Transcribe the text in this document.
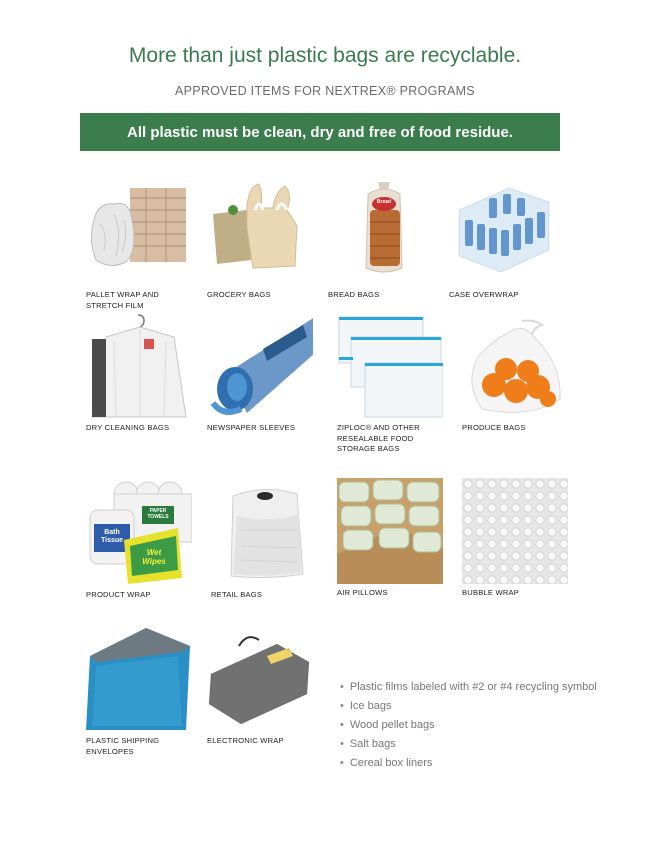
More than just plastic bags are recyclable.
APPROVED ITEMS FOR NEXTREX® PROGRAMS
All plastic must be clean, dry and free of food residue.
PALLET WRAP AND STRETCH FILM
GROCERY BAGS
Bread
BREAD BAGS	CASE OVERWRAP
DRY CLEANING BAGS	NEWSPAPER SLEEVES	ZIPLOC® AND OTHER RESEALABLE FOOD STORAGE BAGS
PRODUCE BAGS
Bath Tissue
PAPER TOWELS
Wet Wipes
PRODUCT WRAP	RETAIL BAGS	AIR PILLOWS	BUBBLE WRAP
PLASTIC SHIPPING ENVELOPES
ELECTRONIC WRAP
• Plastic films labeled with #2 or #4 recycling symbol
• Ice bags
• Wood pellet bags
• Salt bags
• Cereal box liners
